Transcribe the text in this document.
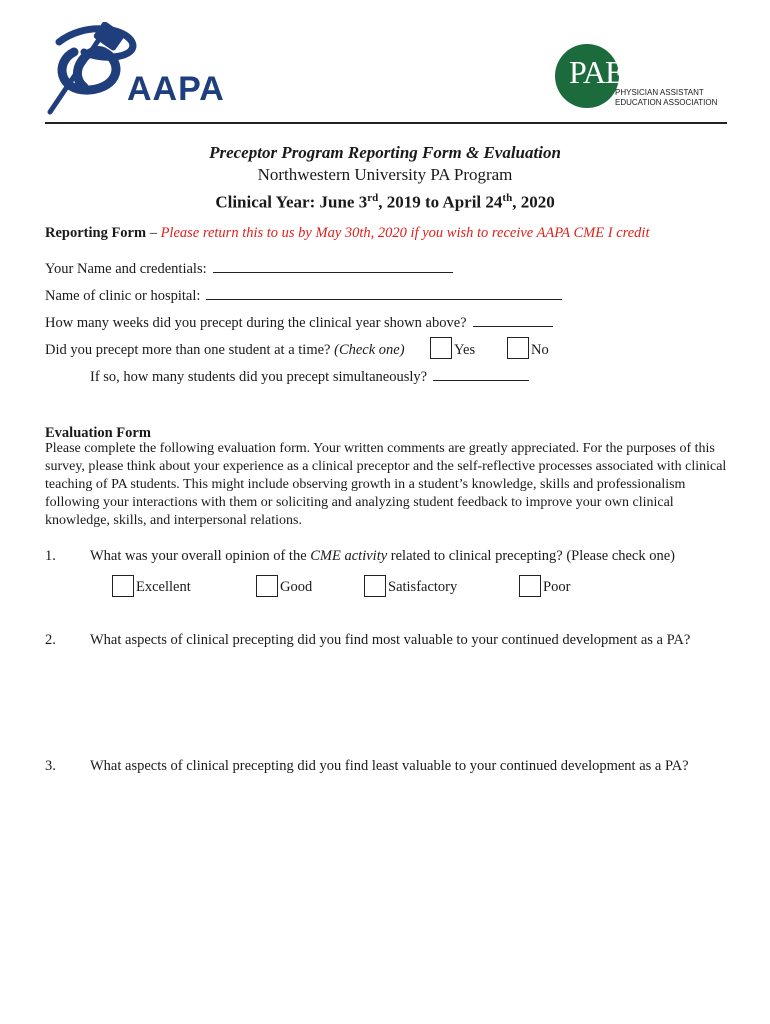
AAPA	PAEA
PHYSICIAN ASSISTANT
EDUCATION ASSOCIATION
Preceptor Program Reporting Form & Evaluation
Northwestern University PA Program
Clinical Year: June 3rd, 2019 to April 24th, 2020
Reporting Form – Please return this to us by May 30th, 2020 if you wish to receive AAPA CME I credit
Your Name and credentials:
Name of clinic or hospital:
How many weeks did you precept during the clinical year shown above?
Did you precept more than one student at a time? (Check one)	Yes	No
If so, how many students did you precept simultaneously?
Evaluation Form
Please complete the following evaluation form. Your written comments are greatly appreciated. For the purposes of this survey, please think about your experience as a clinical preceptor and the self-reflective processes associated with clinical teaching of PA students. This might include observing growth in a student’s knowledge, skills and professionalism following your interactions with them or soliciting and analyzing student feedback to improve your own clinical knowledge, skills, and interpersonal relations.
1. What was your overall opinion of the CME activity related to clinical precepting? (Please check one)
Excellent	Good	Satisfactory	Poor
2. What aspects of clinical precepting did you find most valuable to your continued development as a PA?
3. What aspects of clinical precepting did you find least valuable to your continued development as a PA?
